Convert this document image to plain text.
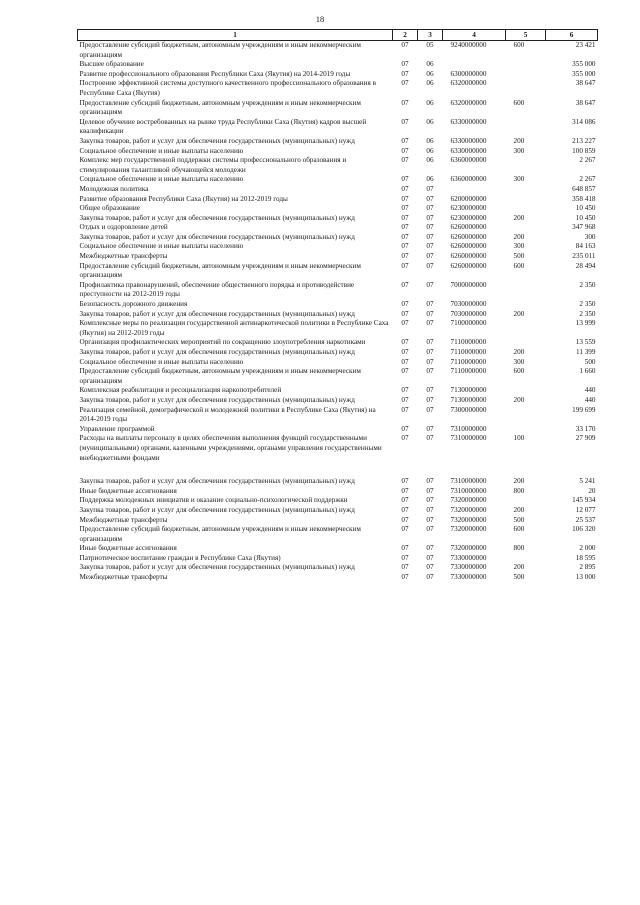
18
1	2	3	4	5	6
Предоставление субсидий бюджетным, автономным учреждениям и иным некоммерческим организациям	07	05	9240000000	600	23 421
Высшее образование	07	06			355 000
Развитие профессионального образования Республики Саха (Якутия) на 2014-2019 годы	07	06	6300000000		355 000
Построение эффективной системы доступного качественного профессионального образования в Республике Саха (Якутия)	07	06	6320000000		38 647
Предоставление субсидий бюджетным, автономным учреждениям и иным некоммерческим организациям	07	06	6320000000	600	38 647
Целевое обучение востребованных на рынке труда Республики Саха (Якутия) кадров высшей квалификации	07	06	6330000000		314 086
Закупка товаров, работ и услуг для обеспечения государственных (муниципальных) нужд	07	06	6330000000	200	213 227
Социальное обеспечение и иные выплаты населению	07	06	6330000000	300	100 859
Комплекс мер государственной поддержки системы профессионального образования и стимулирования талантливой обучающейся молодежи	07	06	6360000000		2 267
Социальное обеспечение и иные выплаты населению	07	06	6360000000	300	2 267
Молодежная политика	07	07			648 857
Развитие образования Республики Саха (Якутия) на 2012-2019 годы	07	07	6200000000		358 418
Общее образование	07	07	6230000000		10 450
Закупка товаров, работ и услуг для обеспечения государственных (муниципальных) нужд	07	07	6230000000	200	10 450
Отдых и оздоровление детей	07	07	6260000000		347 968
Закупка товаров, работ и услуг для обеспечения государственных (муниципальных) нужд	07	07	6260000000	200	300
Социальное обеспечение и иные выплаты населению	07	07	6260000000	300	84 163
Межбюджетные трансферты	07	07	6260000000	500	235 011
Предоставление субсидий бюджетным, автономным учреждениям и иным некоммерческим организациям	07	07	6260000000	600	28 494
Профилактика правонарушений, обеспечение общественного порядка и противодействие преступности на 2012-2019 годы	07	07	7000000000		2 350
Безопасность дорожного движения	07	07	7030000000		2 350
Закупка товаров, работ и услуг для обеспечения государственных (муниципальных) нужд	07	07	7030000000	200	2 350
Комплексные меры по реализации государственной антинаркотической политики в Республике Саха (Якутия) на 2012-2019 годы	07	07	7100000000		13 999
Организация профилактических мероприятий по сокращению злоупотребления наркотиками	07	07	7110000000		13 559
Закупка товаров, работ и услуг для обеспечения государственных (муниципальных) нужд	07	07	7110000000	200	11 399
Социальное обеспечение и иные выплаты населению	07	07	7110000000	300	500
Предоставление субсидий бюджетным, автономным учреждениям и иным некоммерческим организациям	07	07	7110000000	600	1 660
Комплексная реабилитация и ресоциализация наркопотребителей	07	07	7130000000		440
Закупка товаров, работ и услуг для обеспечения государственных (муниципальных) нужд	07	07	7130000000	200	440
Реализация семейной, демографической и молодежной политики в Республике Саха (Якутия) на 2014-2019 годы	07	07	7300000000		199 699
Управление программой	07	07	7310000000		33 170
Расходы на выплаты персоналу в целях обеспечения выполнения функций государственными (муниципальными) органами, казенными учреждениями, органами управления государственными внебюджетными фондами	07	07	7310000000	100	27 909
Закупка товаров, работ и услуг для обеспечения государственных (муниципальных) нужд	07	07	7310000000	200	5 241
Иные бюджетные ассигнования	07	07	7310000000	800	20
Поддержка молодежных инициатив и оказание социально-психологической поддержки	07	07	7320000000		145 934
Закупка товаров, работ и услуг для обеспечения государственных (муниципальных) нужд	07	07	7320000000	200	12 077
Межбюджетные трансферты	07	07	7320000000	500	25 537
Предоставление субсидий бюджетным, автономным учреждениям и иным некоммерческим организациям	07	07	7320000000	600	106 320
Иные бюджетные ассигнования	07	07	7320000000	800	2 000
Патриотическое воспитание граждан в Республике Саха (Якутия)	07	07	7330000000		18 595
Закупка товаров, работ и услуг для обеспечения государственных (муниципальных) нужд	07	07	7330000000	200	2 895
Межбюджетные трансферты	07	07	7330000000	500	13 000
